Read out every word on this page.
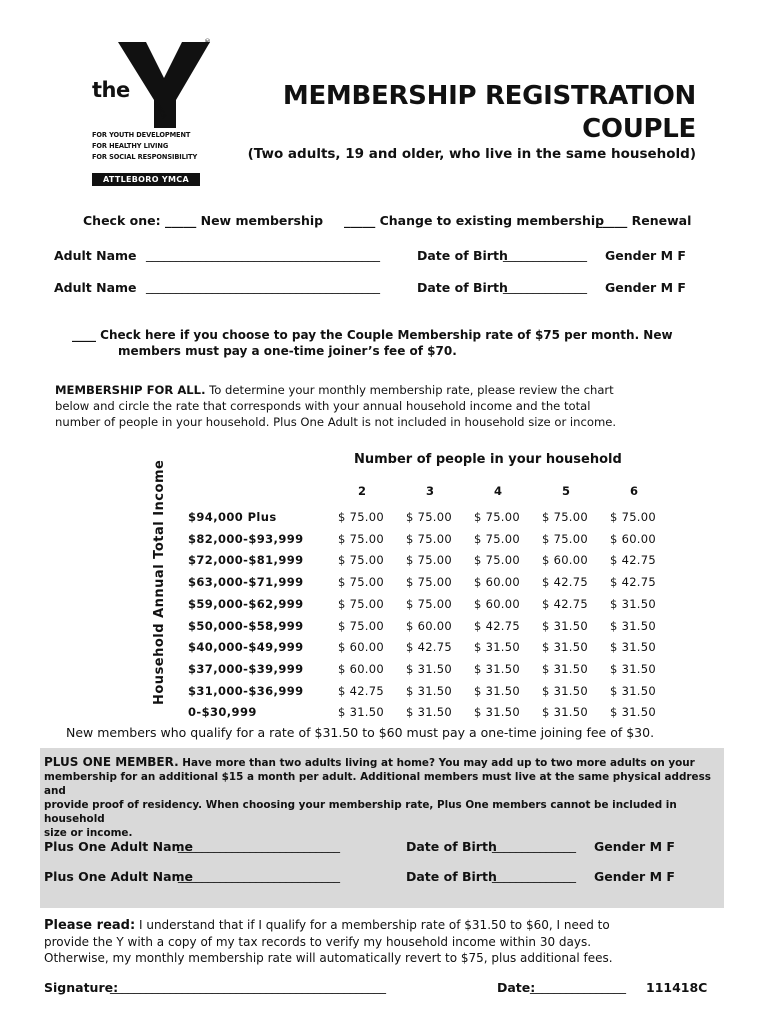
the
YMCA
®
FOR YOUTH DEVELOPMENT
FOR HEALTHY LIVING
FOR SOCIAL RESPONSIBILITY
ATTLEBORO YMCA
MEMBERSHIP REGISTRATION
COUPLE
(Two adults, 19 and older, who live in the same household)
Check one: _____ New membership _____ Change to existing membership
_____ Renewal
Adult Name _______________________________________	Date of Birth
______________ Gender M F
Adult Name _______________________________________	Date of Birth
______________ Gender M F
____ Check here if you choose to pay the Couple Membership rate of $75 per month. New
members must pay a one-time joiner’s fee of $70.
MEMBERSHIP FOR ALL. To determine your monthly membership rate, please review the chart
below and circle the rate that corresponds with your annual household income and the total
number of people in your household. Plus One Adult is not included in household size or income.
Number of people in your household
Household Annual Total Income	2	3	4	5	6
$94,000 Plus	$ 75.00	$ 75.00	$ 75.00	$ 75.00	$ 75.00
$82,000-$93,999	$ 75.00	$ 75.00	$ 75.00	$ 75.00	$ 60.00
$72,000-$81,999	$ 75.00	$ 75.00	$ 75.00	$ 60.00	$ 42.75
$63,000-$71,999	$ 75.00	$ 75.00	$ 60.00	$ 42.75	$ 42.75
$59,000-$62,999	$ 75.00	$ 75.00	$ 60.00	$ 42.75	$ 31.50
$50,000-$58,999	$ 75.00	$ 60.00	$ 42.75	$ 31.50	$ 31.50
$40,000-$49,999	$ 60.00	$ 42.75	$ 31.50	$ 31.50	$ 31.50
$37,000-$39,999	$ 60.00	$ 31.50	$ 31.50	$ 31.50	$ 31.50
$31,000-$36,999	$ 42.75	$ 31.50	$ 31.50	$ 31.50	$ 31.50
0-$30,999	$ 31.50	$ 31.50	$ 31.50	$ 31.50	$ 31.50
New members who qualify for a rate of $31.50 to $60 must pay a one-time joining fee of $30.
PLUS ONE MEMBER. Have more than two adults living at home? You may add up to two more adults on your
membership for an additional $15 a month per adult. Additional members must live at the same physical address and
provide proof of residency. When choosing your membership rate, Plus One members cannot be included in household
size or income.
Plus One Adult Name
___________________________	Date of Birth
______________ Gender M F
Plus One Adult Name
___________________________	Date of Birth
______________ Gender M F
Please read: I understand that if I qualify for a membership rate of $31.50 to $60, I need to
provide the Y with a copy of my tax records to verify my household income within 30 days.
Otherwise, my monthly membership rate will automatically revert to $75, plus additional fees.
Signature:
______________________________________________	Date:
________________ 111418C
